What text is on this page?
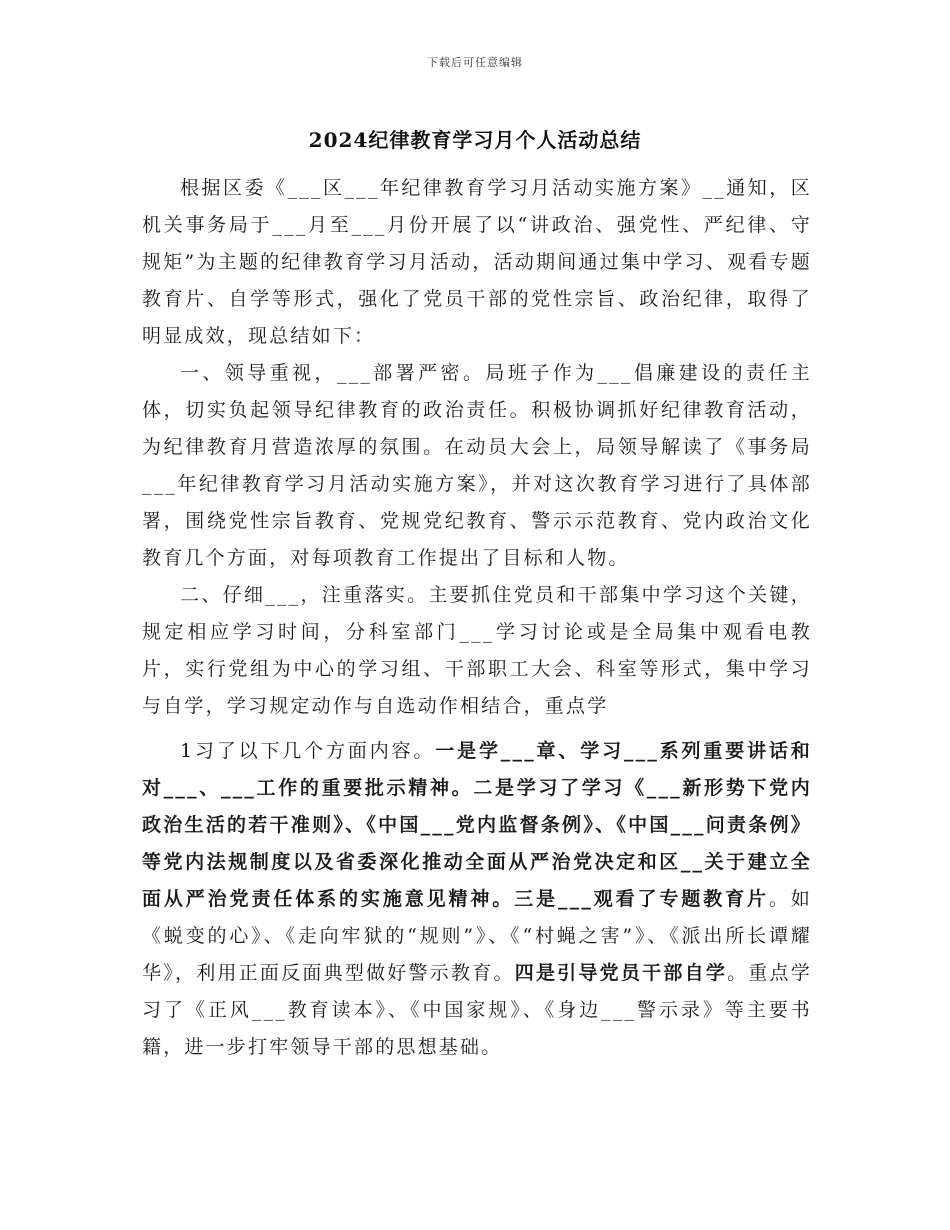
下载后可任意编辑
2024纪律教育学习月个人活动总结

根据区委《___区___年纪律教育学习月活动实施方案》__通知，区机关事务局于___月至___月份开展了以“讲政治、强党性、严纪律、守规矩”为主题的纪律教育学习月活动，活动期间通过集中学习、观看专题教育片、自学等形式，强化了党员干部的党性宗旨、政治纪律，取得了明显成效，现总结如下：

一、领导重视，___部署严密。局班子作为___倡廉建设的责任主体，切实负起领导纪律教育的政治责任。积极协调抓好纪律教育活动，为纪律教育月营造浓厚的氛围。在动员大会上，局领导解读了《事务局___年纪律教育学习月活动实施方案》，并对这次教育学习进行了具体部署，围绕党性宗旨教育、党规党纪教育、警示示范教育、党内政治文化教育几个方面，对每项教育工作提出了目标和人物。

二、仔细___，注重落实。主要抓住党员和干部集中学习这个关键，规定相应学习时间，分科室部门___学习讨论或是全局集中观看电教片，实行党组为中心的学习组、干部职工大会、科室等形式，集中学习与自学，学习规定动作与自选动作相结合，重点学

1习了以下几个方面内容。一是学___章、学习___系列重要讲话和对___、___工作的重要批示精神。二是学习了学习《___新形势下党内政治生活的若干准则》、《中国___党内监督条例》、《中国___问责条例》等党内法规制度以及省委深化推动全面从严治党决定和区__关于建立全面从严治党责任体系的实施意见精神。三是___观看了专题教育片。如《蜕变的心》、《走向牢狱的“规则”》、《“村蝇之害”》、《派出所长谭耀华》，利用正面反面典型做好警示教育。四是引导党员干部自学。重点学习了《正风___教育读本》、《中国家规》、《身边___警示录》等主要书籍，进一步打牢领导干部的思想基础。
